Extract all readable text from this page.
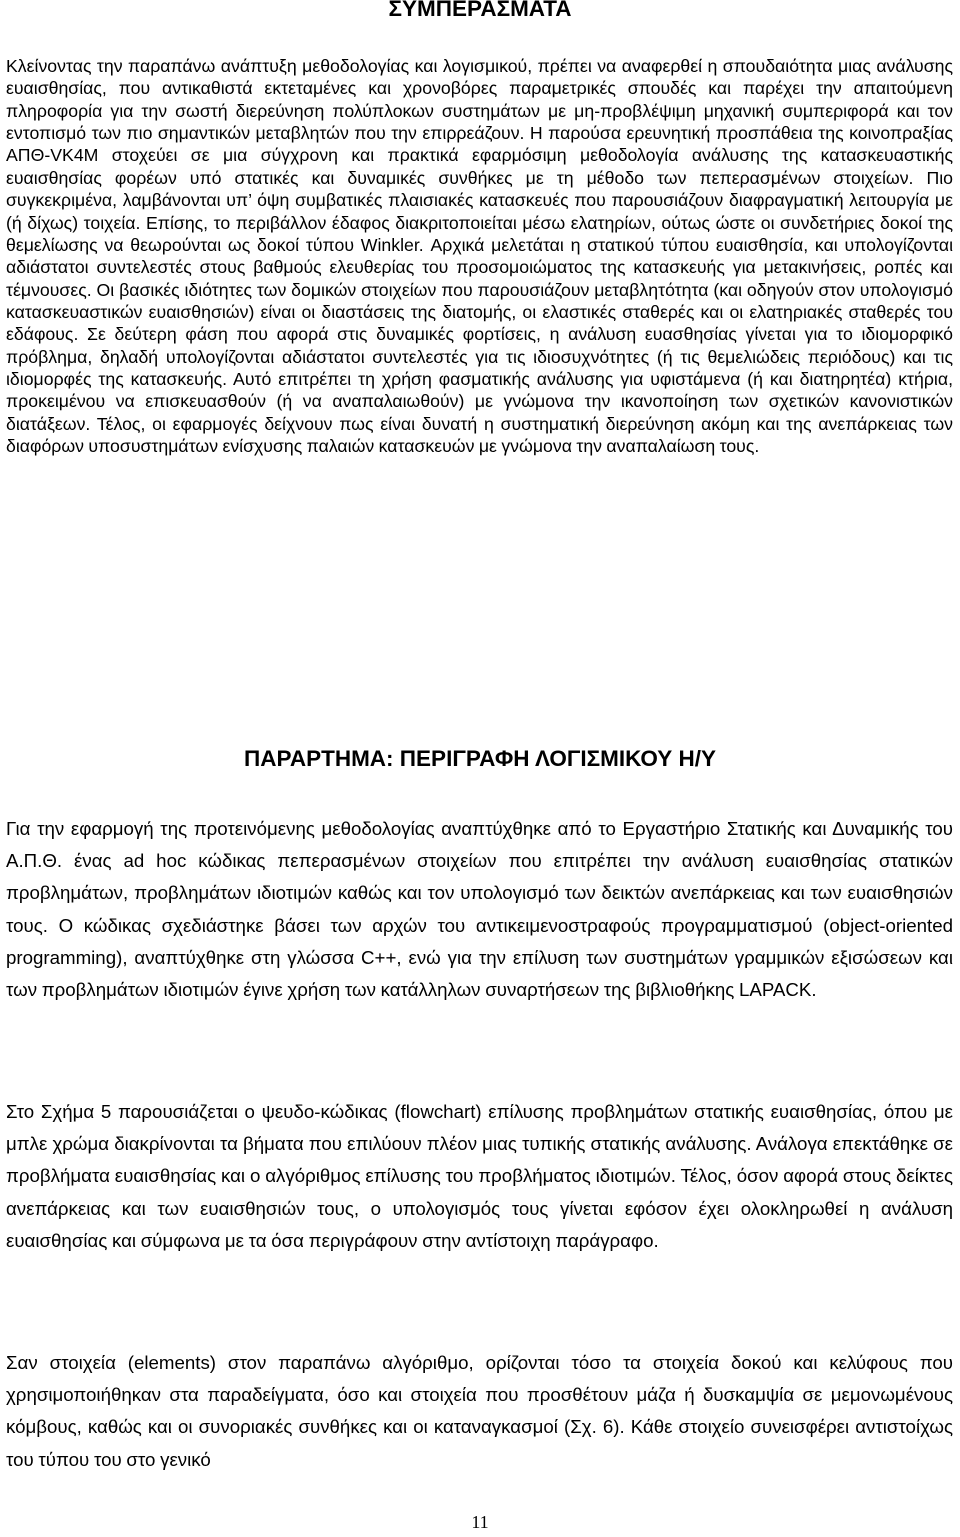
ΣΥΜΠΕΡΑΣΜΑΤΑ

Κλείνοντας την παραπάνω ανάπτυξη μεθοδολογίας και λογισμικού, πρέπει να αναφερθεί η σπουδαιότητα μιας ανάλυσης ευαισθησίας, που αντικαθιστά εκτεταμένες και χρονοβόρες παραμετρικές σπουδές και παρέχει την απαιτούμενη πληροφορία για την σωστή διερεύνηση πολύπλοκων συστημάτων με μη-προβλέψιμη μηχανική συμπεριφορά και τον εντοπισμό των πιο σημαντικών μεταβλητών που την επιρρεάζουν. Η παρούσα ερευνητική προσπάθεια της κοινοπραξίας ΑΠΘ-VK4M στοχεύει σε μια σύγχρονη και πρακτικά εφαρμόσιμη μεθοδολογία ανάλυσης της κατασκευαστικής ευαισθησίας φορέων υπό στατικές και δυναμικές συνθήκες με τη μέθοδο των πεπερασμένων στοιχείων. Πιο συγκεκριμένα, λαμβάνονται υπ’ όψη συμβατικές πλαισιακές κατασκευές που παρουσιάζουν διαφραγματική λειτουργία με (ή δίχως) τοιχεία. Επίσης, το περιβάλλον έδαφος διακριτοποιείται μέσω ελατηρίων, ούτως ώστε οι συνδετήριες δοκοί της θεμελίωσης να θεωρούνται ως δοκοί τύπου Winkler. Αρχικά μελετάται η στατικού τύπου ευαισθησία, και υπολογίζονται αδιάστατοι συντελεστές στους βαθμούς ελευθερίας του προσομοιώματος της κατασκευής για μετακινήσεις, ροπές και τέμνουσες. Οι βασικές ιδιότητες των δομικών στοιχείων που παρουσιάζουν μεταβλητότητα (και οδηγούν στον υπολογισμό κατασκευαστικών ευαισθησιών) είναι οι διαστάσεις της διατομής, οι ελαστικές σταθερές και οι ελατηριακές σταθερές του εδάφους. Σε δεύτερη φάση που αφορά στις δυναμικές φορτίσεις, η ανάλυση ευασθησίας γίνεται για το ιδιομορφικό πρόβλημα, δηλαδή υπολογίζονται αδιάστατοι συντελεστές για τις ιδιοσυχνότητες (ή τις θεμελιώδεις περιόδους) και τις ιδιομορφές της κατασκευής. Αυτό επιτρέπει τη χρήση φασματικής ανάλυσης για υφιστάμενα (ή και διατηρητέα) κτήρια, προκειμένου να επισκευασθούν (ή να αναπαλαιωθούν) με γνώμονα την ικανοποίηση των σχετικών κανονιστικών διατάξεων. Τέλος, οι εφαρμογές δείχνουν πως είναι δυνατή η συστηματική διερεύνηση ακόμη και της ανεπάρκειας των διαφόρων υποσυστημάτων ενίσχυσης παλαιών κατασκευών με γνώμονα την αναπαλαίωση τους.

ΠΑΡΑΡΤΗΜΑ: ΠΕΡΙΓΡΑΦΗ ΛΟΓΙΣΜΙΚΟΥ Η/Υ

Για την εφαρμογή της προτεινόμενης μεθοδολογίας αναπτύχθηκε από το Εργαστήριο Στατικής και Δυναμικής του Α.Π.Θ. ένας ad hoc κώδικας πεπερασμένων στοιχείων που επιτρέπει την ανάλυση ευαισθησίας στατικών προβλημάτων, προβλημάτων ιδιοτιμών καθώς και τον υπολογισμό των δεικτών ανεπάρκειας και των ευαισθησιών τους. Ο κώδικας σχεδιάστηκε βάσει των αρχών του αντικειμενοστραφούς προγραμματισμού (object-oriented programming), αναπτύχθηκε στη γλώσσα C++, ενώ για την επίλυση των συστημάτων γραμμικών εξισώσεων και των προβλημάτων ιδιοτιμών έγινε χρήση των κατάλληλων συναρτήσεων της βιβλιοθήκης LAPACK.

Στο Σχήμα 5 παρουσιάζεται ο ψευδο-κώδικας (flowchart) επίλυσης προβλημάτων στατικής ευαισθησίας, όπου με μπλε χρώμα διακρίνονται τα βήματα που επιλύουν πλέον μιας τυπικής στατικής ανάλυσης. Ανάλογα επεκτάθηκε σε προβλήματα ευαισθησίας και ο αλγόριθμος επίλυσης του προβλήματος ιδιοτιμών. Τέλος, όσον αφορά στους δείκτες ανεπάρκειας και των ευαισθησιών τους, ο υπολογισμός τους γίνεται εφόσον έχει ολοκληρωθεί η ανάλυση ευαισθησίας και σύμφωνα με τα όσα περιγράφουν στην αντίστοιχη παράγραφο.

Σαν στοιχεία (elements) στον παραπάνω αλγόριθμο, ορίζονται τόσο τα στοιχεία δοκού και κελύφους που χρησιμοποιήθηκαν στα παραδείγματα, όσο και στοιχεία που προσθέτουν μάζα ή δυσκαμψία σε μεμονωμένους κόμβους, καθώς και οι συνοριακές συνθήκες και οι καταναγκασμοί (Σχ. 6). Κάθε στοιχείο συνεισφέρει αντιστοίχως του τύπου του στο γενικό

11
